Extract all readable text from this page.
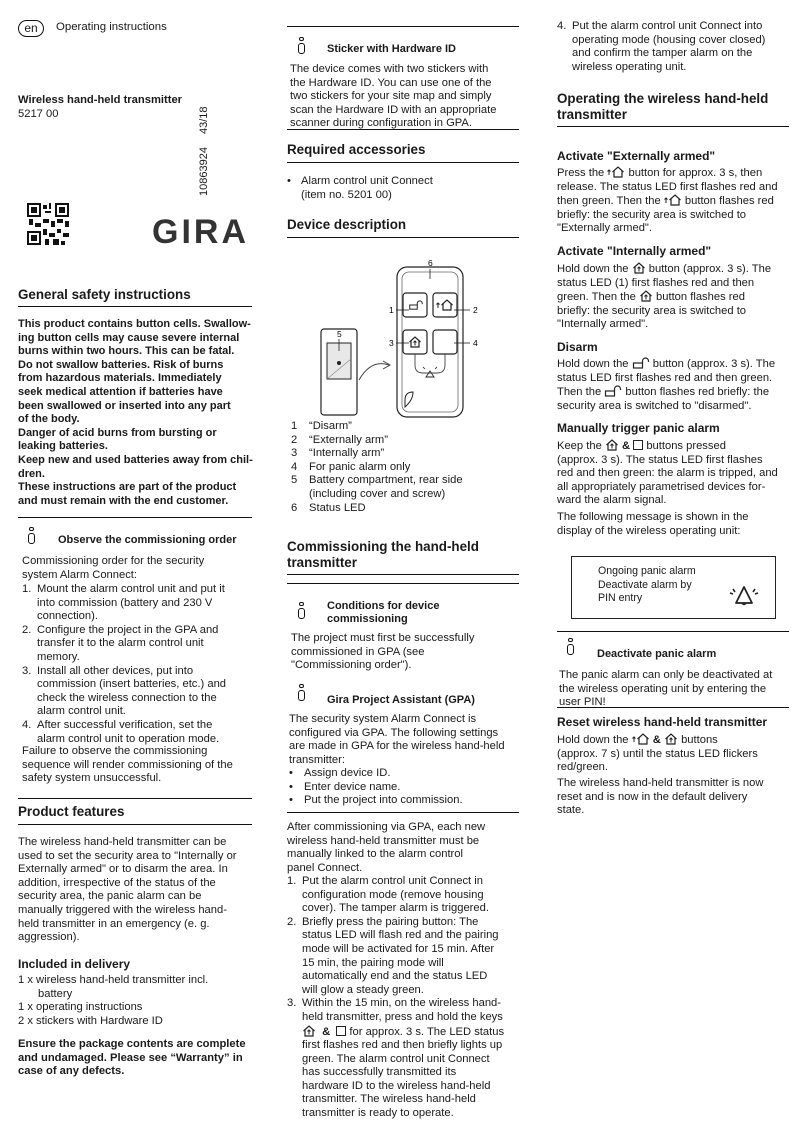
en	Operating instructions
Wireless hand-held transmitter
5217 00
10863924 43/18
GIRA
General safety instructions
This product contains button cells. Swallow-
ing button cells may cause severe internal
burns within two hours. This can be fatal.
Do not swallow batteries. Risk of burns
from hazardous materials. Immediately
seek medical attention if batteries have
been swallowed or inserted into any part
of the body.
Danger of acid burns from bursting or
leaking batteries.
Keep new and used batteries away from chil-
dren.
These instructions are part of the product
and must remain with the end customer.
Observe the commissioning order
Commissioning order for the security
system Alarm Connect:
1. Mount the alarm control unit and put it
into commission (battery and 230 V
connection).
2. Configure the project in the GPA and
transfer it to the alarm control unit
memory.
3. Install all other devices, put into
commission (insert batteries, etc.) and
check the wireless connection to the
alarm control unit.
4. After successful verification, set the
alarm control unit to operation mode.
Failure to observe the commissioning
sequence will render commissioning of the
safety system unsuccessful.
Product features
The wireless hand-held transmitter can be
used to set the security area to "Internally or
Externally armed" or to disarm the area. In
addition, irrespective of the status of the
security area, the panic alarm can be
manually triggered with the wireless hand-
held transmitter in an emergency (e. g.
aggression).
Included in delivery
1 x wireless hand-held transmitter incl.
battery
1 x operating instructions
2 x stickers with Hardware ID
Ensure the package contents are complete
and undamaged. Please see “Warranty” in
case of any defects.
Sticker with Hardware ID
The device comes with two stickers with
the Hardware ID. You can use one of the
two stickers for your site map and simply
scan the Hardware ID with an appropriate
scanner during configuration in GPA.
Required accessories
• Alarm control unit Connect
(item no. 5201 00)
Device description
6
1	2
3	4
5
1 “Disarm”
2 “Externally arm”
3 “Internally arm”
4 For panic alarm only
5 Battery compartment, rear side
(including cover and screw)
6 Status LED
Commissioning the hand-held
transmitter
Conditions for device
commissioning
The project must first be successfully
commissioned in GPA (see
"Commissioning order").
Gira Project Assistant (GPA)
The security system Alarm Connect is
configured via GPA. The following settings
are made in GPA for the wireless hand-held
transmitter:
• Assign device ID.
• Enter device name.
• Put the project into commission.
After commissioning via GPA, each new
wireless hand-held transmitter must be
manually linked to the alarm control
panel Connect.
1. Put the alarm control unit Connect in
configuration mode (remove housing
cover). The tamper alarm is triggered.
2. Briefly press the pairing button: The
status LED will flash red and the pairing
mode will be activated for 15 min. After
15 min, the pairing mode will
automatically end and the status LED
will glow a steady green.
3. Within the 15 min, on the wireless hand-
held transmitter, press and hold the keys
& for approx. 3 s. The LED status
first flashes red and then briefly lights up
green. The alarm control unit Connect
has successfully transmitted its
hardware ID to the wireless hand-held
transmitter. The wireless hand-held
transmitter is ready to operate.
4. Put the alarm control unit Connect into
operating mode (housing cover closed)
and confirm the tamper alarm on the
wireless operating unit.
Operating the wireless hand-held
transmitter
Activate "Externally armed"
Press the button for approx. 3 s, then
release. The status LED first flashes red and
then green. Then the button flashes red
briefly: the security area is switched to
"Externally armed".
Activate "Internally armed"
Hold down the button (approx. 3 s). The
status LED (1) first flashes red and then
green. Then the button flashes red
briefly: the security area is switched to
"Internally armed".
Disarm
Hold down the button (approx. 3 s). The
status LED first flashes red and then green.
Then the button flashes red briefly: the
security area is switched to "disarmed".
Manually trigger panic alarm
Keep the & buttons pressed
(approx. 3 s). The status LED first flashes
red and then green: the alarm is tripped, and
all appropriately parametrised devices for-
ward the alarm signal.
The following message is shown in the
display of the wireless operating unit:
Ongoing panic alarm
Deactivate alarm by
PIN entry
Deactivate panic alarm
The panic alarm can only be deactivated at
the wireless operating unit by entering the
user PIN!
Reset wireless hand-held transmitter
Hold down the & buttons
(approx. 7 s) until the status LED flickers
red/green.
The wireless hand-held transmitter is now
reset and is now in the default delivery
state.
